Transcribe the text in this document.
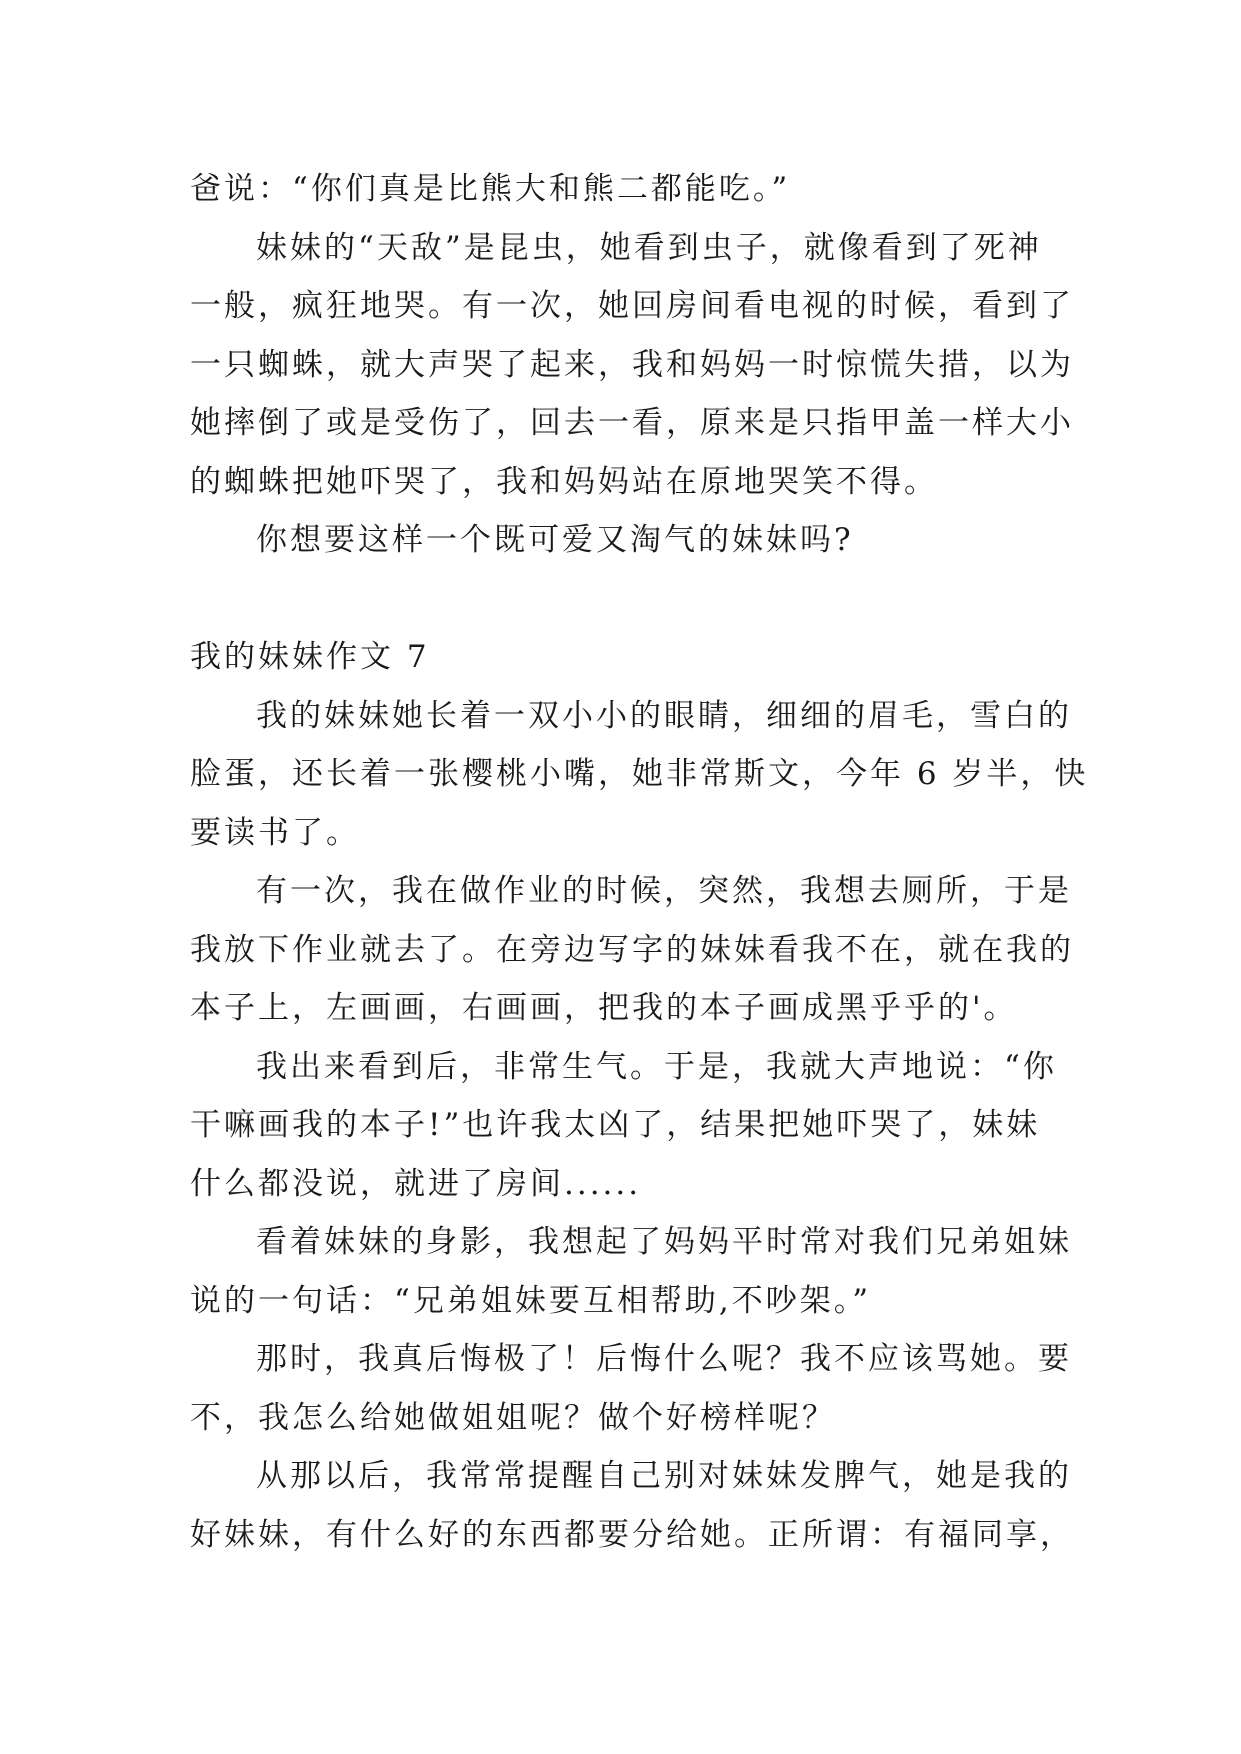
爸说：“你们真是比熊大和熊二都能吃。”
妹妹的“天敌”是昆虫，她看到虫子，就像看到了死神
一般，疯狂地哭。有一次，她回房间看电视的时候，看到了
一只蜘蛛，就大声哭了起来，我和妈妈一时惊慌失措，以为
她摔倒了或是受伤了，回去一看，原来是只指甲盖一样大小
的蜘蛛把她吓哭了，我和妈妈站在原地哭笑不得。
你想要这样一个既可爱又淘气的妹妹吗?
我的妹妹作文 7
我的妹妹她长着一双小小的眼睛，细细的眉毛，雪白的
脸蛋，还长着一张樱桃小嘴，她非常斯文，今年 6 岁半，快
要读书了。
有一次，我在做作业的时候，突然，我想去厕所，于是
我放下作业就去了。在旁边写字的妹妹看我不在，就在我的
本子上，左画画，右画画，把我的本子画成黑乎乎的'。
我出来看到后，非常生气。于是，我就大声地说：“你
干嘛画我的本子!”也许我太凶了，结果把她吓哭了，妹妹
什么都没说，就进了房间......
看着妹妹的身影，我想起了妈妈平时常对我们兄弟姐妹
说的一句话：“兄弟姐妹要互相帮助,不吵架。”
那时，我真后悔极了！后悔什么呢？我不应该骂她。要
不，我怎么给她做姐姐呢？做个好榜样呢？
从那以后，我常常提醒自己别对妹妹发脾气，她是我的
好妹妹，有什么好的东西都要分给她。正所谓：有福同享，
